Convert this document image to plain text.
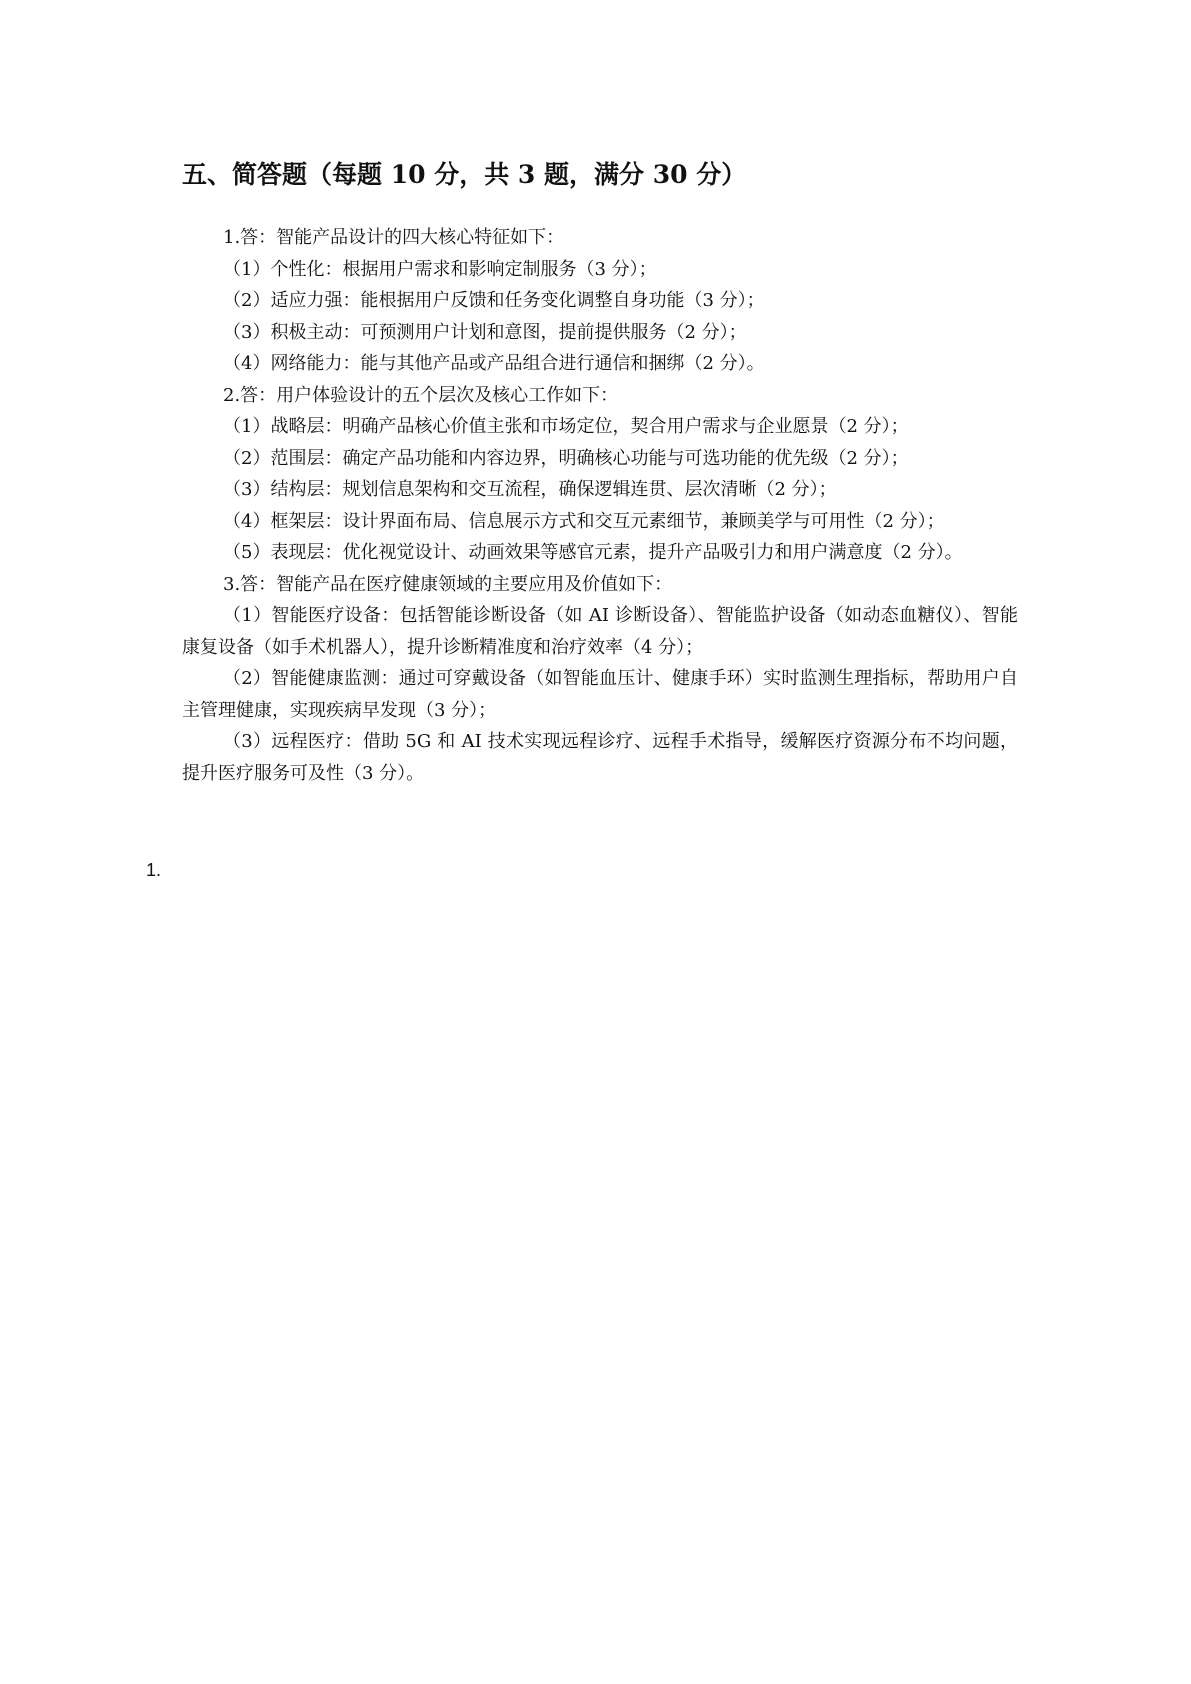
五、简答题（每题 10 分，共 3 题，满分 30 分）

1.答：智能产品设计的四大核心特征如下：

（1）个性化：根据用户需求和影响定制服务（3 分）；

（2）适应力强：能根据用户反馈和任务变化调整自身功能（3 分）；

（3）积极主动：可预测用户计划和意图，提前提供服务（2 分）；

（4）网络能力：能与其他产品或产品组合进行通信和捆绑（2 分）。

2.答：用户体验设计的五个层次及核心工作如下：

（1）战略层：明确产品核心价值主张和市场定位，契合用户需求与企业愿景（2 分）；

（2）范围层：确定产品功能和内容边界，明确核心功能与可选功能的优先级（2 分）；

（3）结构层：规划信息架构和交互流程，确保逻辑连贯、层次清晰（2 分）；

（4）框架层：设计界面布局、信息展示方式和交互元素细节，兼顾美学与可用性（2 分）；

（5）表现层：优化视觉设计、动画效果等感官元素，提升产品吸引力和用户满意度（2 分）。

3.答：智能产品在医疗健康领域的主要应用及价值如下：

（1）智能医疗设备：包括智能诊断设备（如 AI 诊断设备）、智能监护设备（如动态血糖仪）、智能康复设备（如手术机器人），提升诊断精准度和治疗效率（4 分）；

（2）智能健康监测：通过可穿戴设备（如智能血压计、健康手环）实时监测生理指标，帮助用户自主管理健康，实现疾病早发现（3 分）；

（3）远程医疗：借助 5G 和 AI 技术实现远程诊疗、远程手术指导，缓解医疗资源分布不均问题，提升医疗服务可及性（3 分）。

1.
